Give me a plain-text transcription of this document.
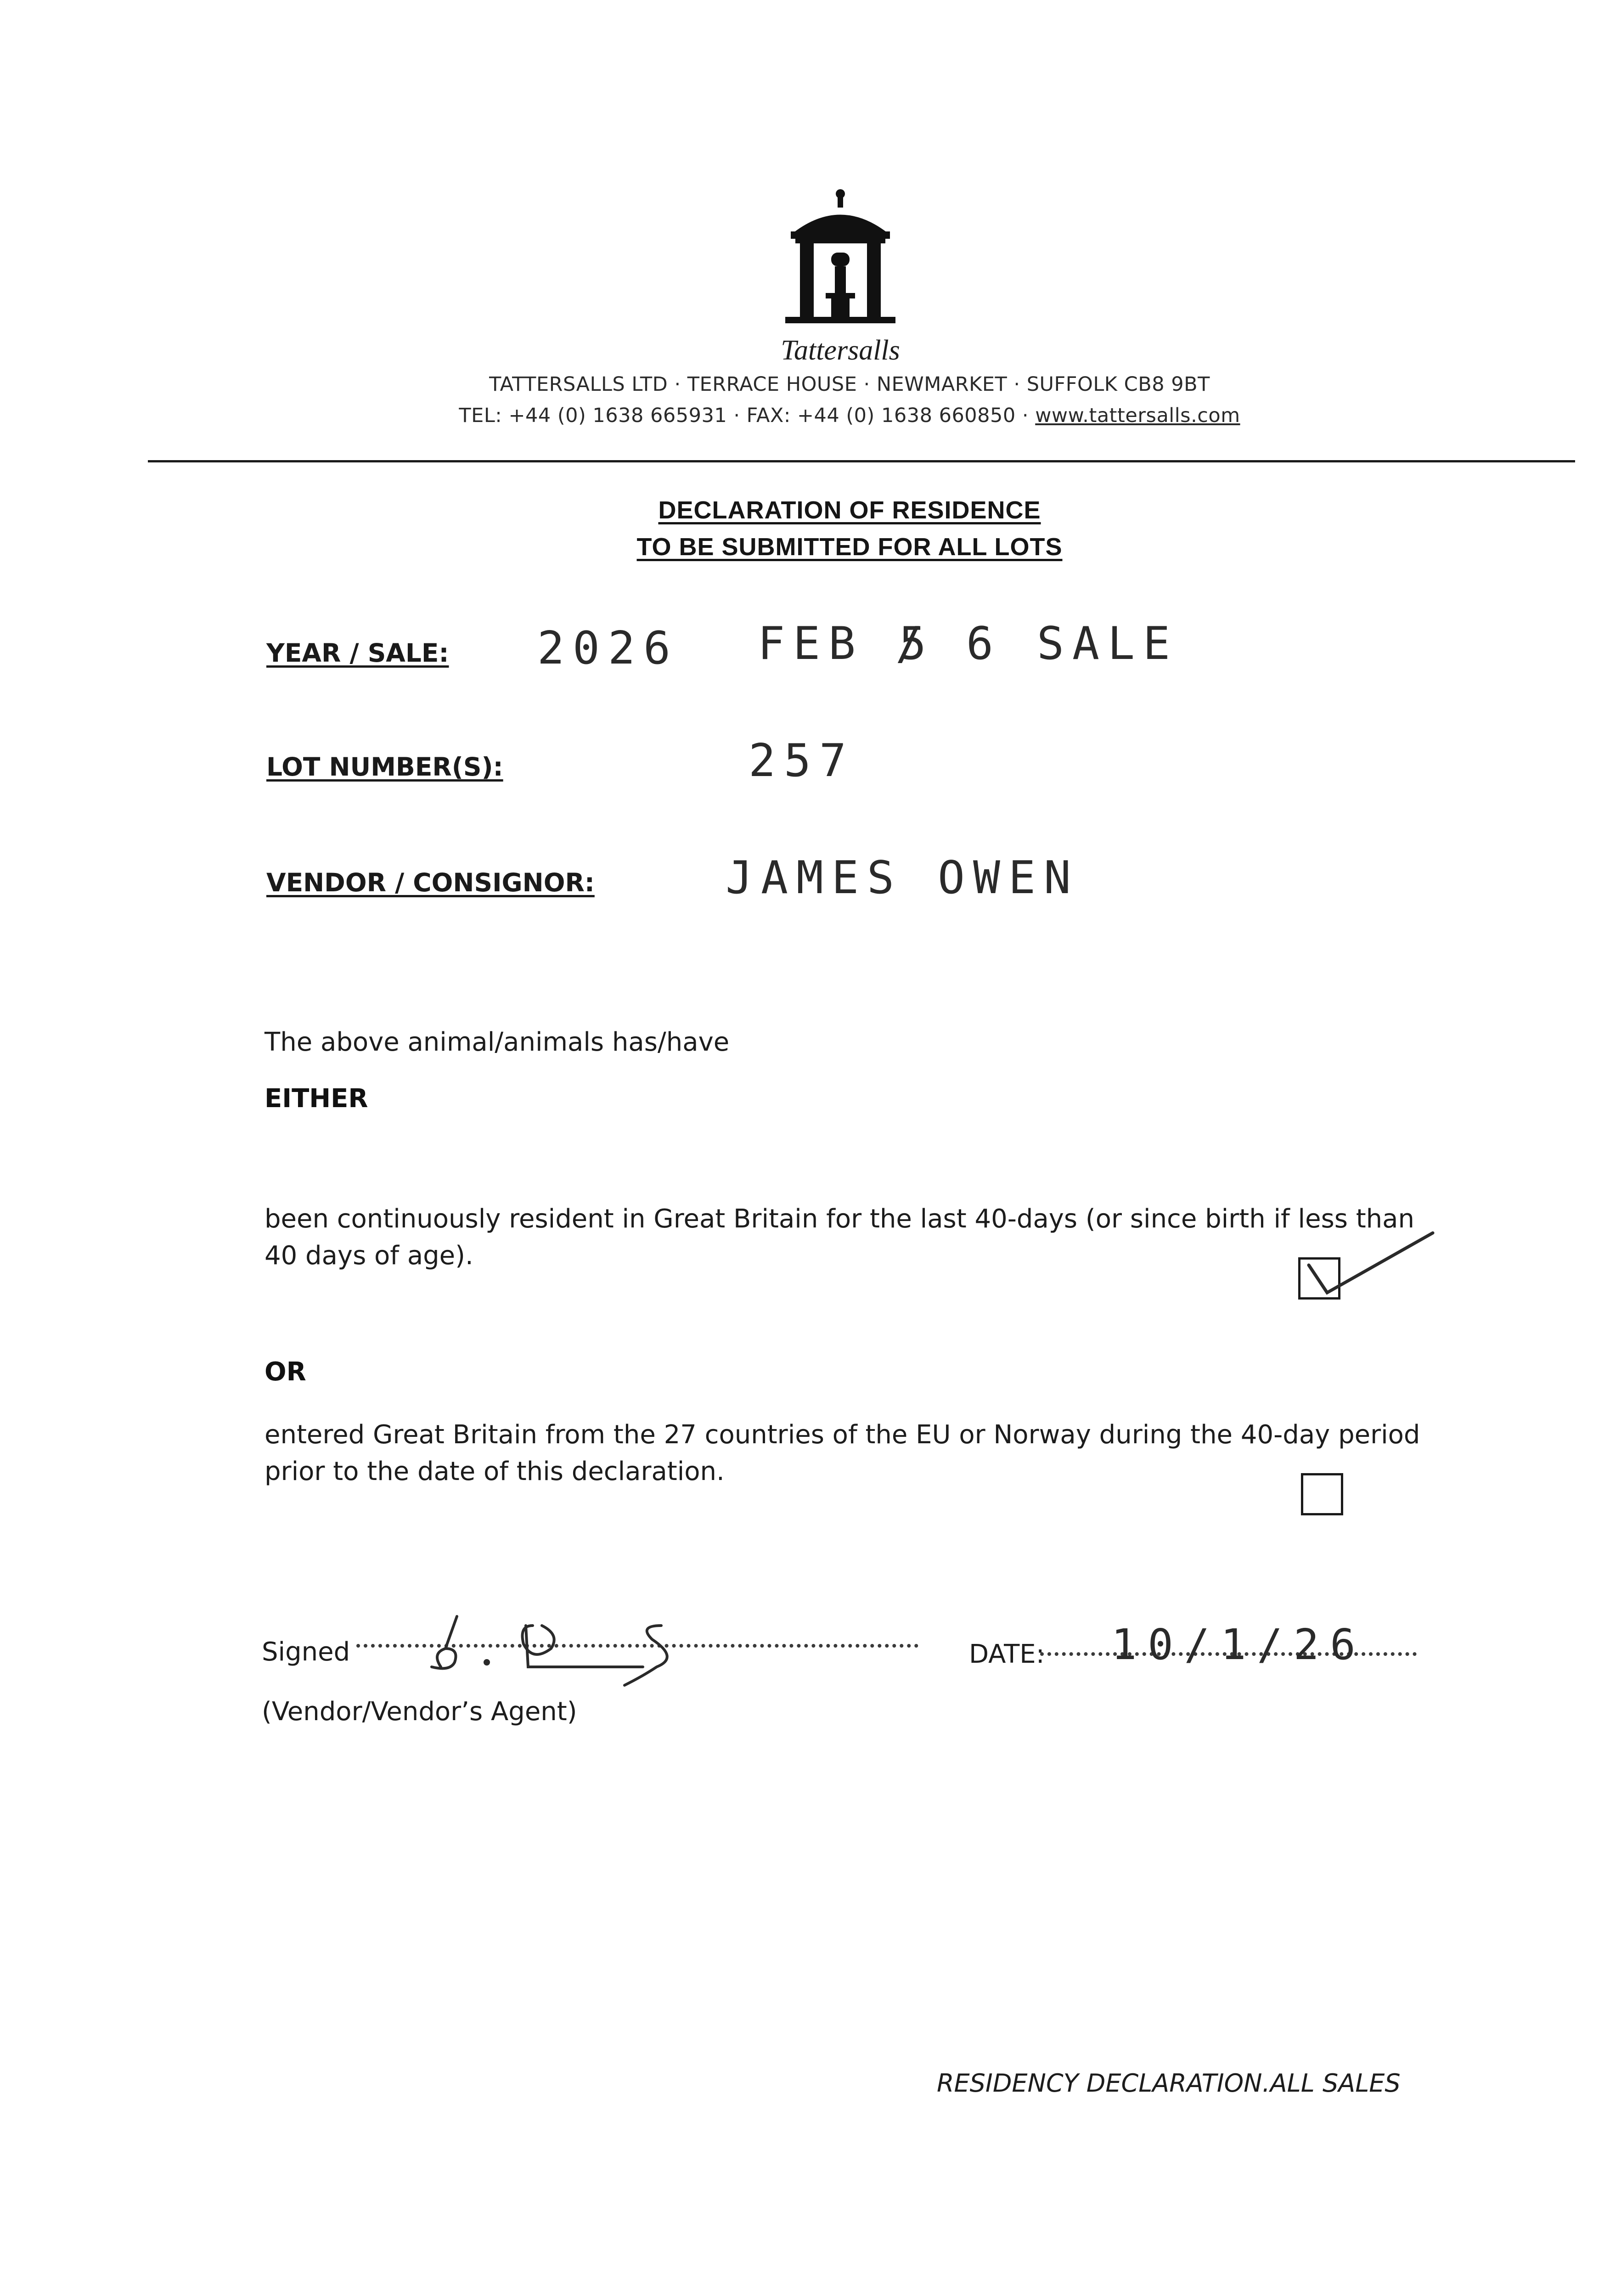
Tattersalls
TATTERSALLS LTD · TERRACE HOUSE · NEWMARKET · SUFFOLK CB8 9BT
TEL: +44 (0) 1638 665931 · FAX: +44 (0) 1638 660850 · www.tattersalls.com
DECLARATION OF RESIDENCE
TO BE SUBMITTED FOR ALL LOTS
YEAR / SALE: 2026 FEB 5
/ 6 SALE
LOT NUMBER(S):	257
VENDOR / CONSIGNOR:	JAMES OWEN
The above animal/animals has/have
EITHER
been continuously resident in Great Britain for the last 40-days (or since birth if less than 40 days of age).
OR
entered Great Britain from the 27 countries of the EU or Norway during the 40-day period prior to the date of this declaration.
Signed	DATE: 10/1/26
(Vendor/Vendor’s Agent)
RESIDENCY DECLARATION.ALL SALES
